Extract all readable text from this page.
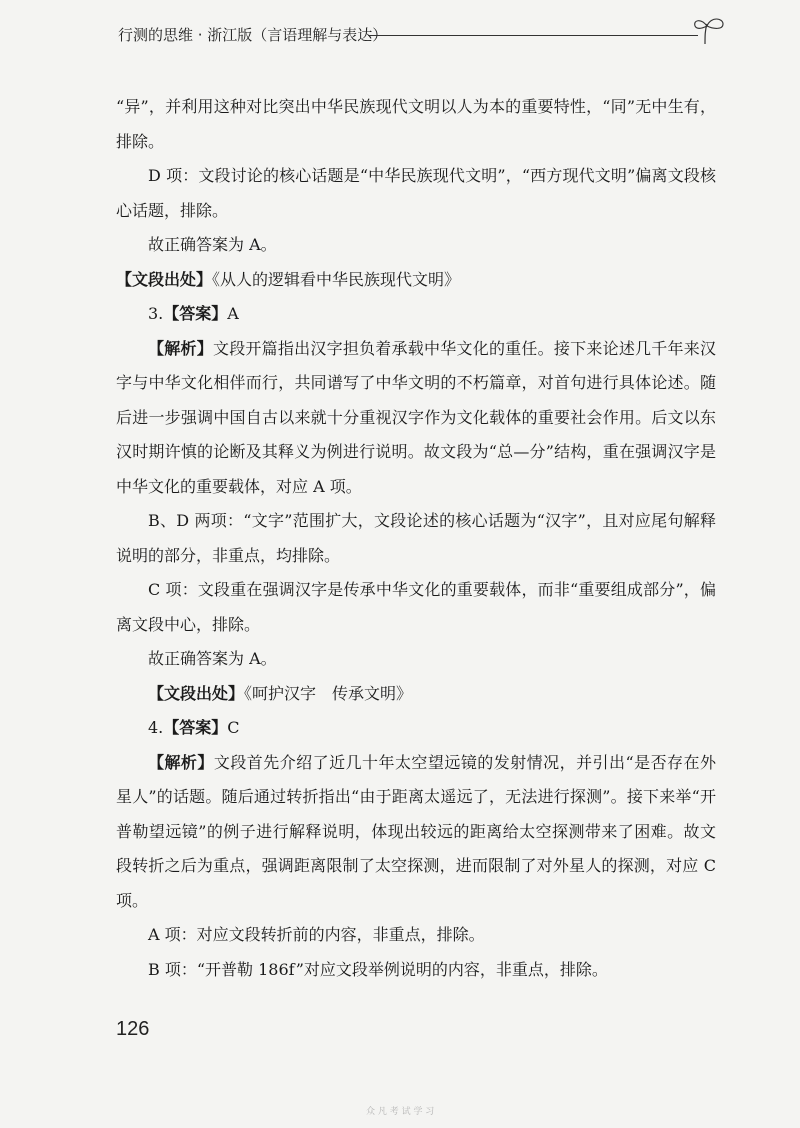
行测的思维 · 浙江版（言语理解与表达）

“异”，并利用这种对比突出中华民族现代文明以人为本的重要特性，“同”无中生有，排除。

D 项：文段讨论的核心话题是“中华民族现代文明”，“西方现代文明”偏离文段核心话题，排除。

故正确答案为 A。

【文段出处】《从人的逻辑看中华民族现代文明》

3.【答案】A

【解析】文段开篇指出汉字担负着承载中华文化的重任。接下来论述几千年来汉字与中华文化相伴而行，共同谱写了中华文明的不朽篇章，对首句进行具体论述。随后进一步强调中国自古以来就十分重视汉字作为文化载体的重要社会作用。后文以东汉时期许慎的论断及其释义为例进行说明。故文段为“总—分”结构，重在强调汉字是中华文化的重要载体，对应 A 项。

B、D 两项：“文字”范围扩大，文段论述的核心话题为“汉字”，且对应尾句解释说明的部分，非重点，均排除。

C 项：文段重在强调汉字是传承中华文化的重要载体，而非“重要组成部分”，偏离文段中心，排除。

故正确答案为 A。

【文段出处】《呵护汉字　传承文明》

4.【答案】C

【解析】文段首先介绍了近几十年太空望远镜的发射情况，并引出“是否存在外星人”的话题。随后通过转折指出“由于距离太遥远了，无法进行探测”。接下来举“开普勒望远镜”的例子进行解释说明，体现出较远的距离给太空探测带来了困难。故文段转折之后为重点，强调距离限制了太空探测，进而限制了对外星人的探测，对应 C 项。

A 项：对应文段转折前的内容，非重点，排除。

B 项：“开普勒 186f”对应文段举例说明的内容，非重点，排除。

126
众 凡 考 试 学 习
